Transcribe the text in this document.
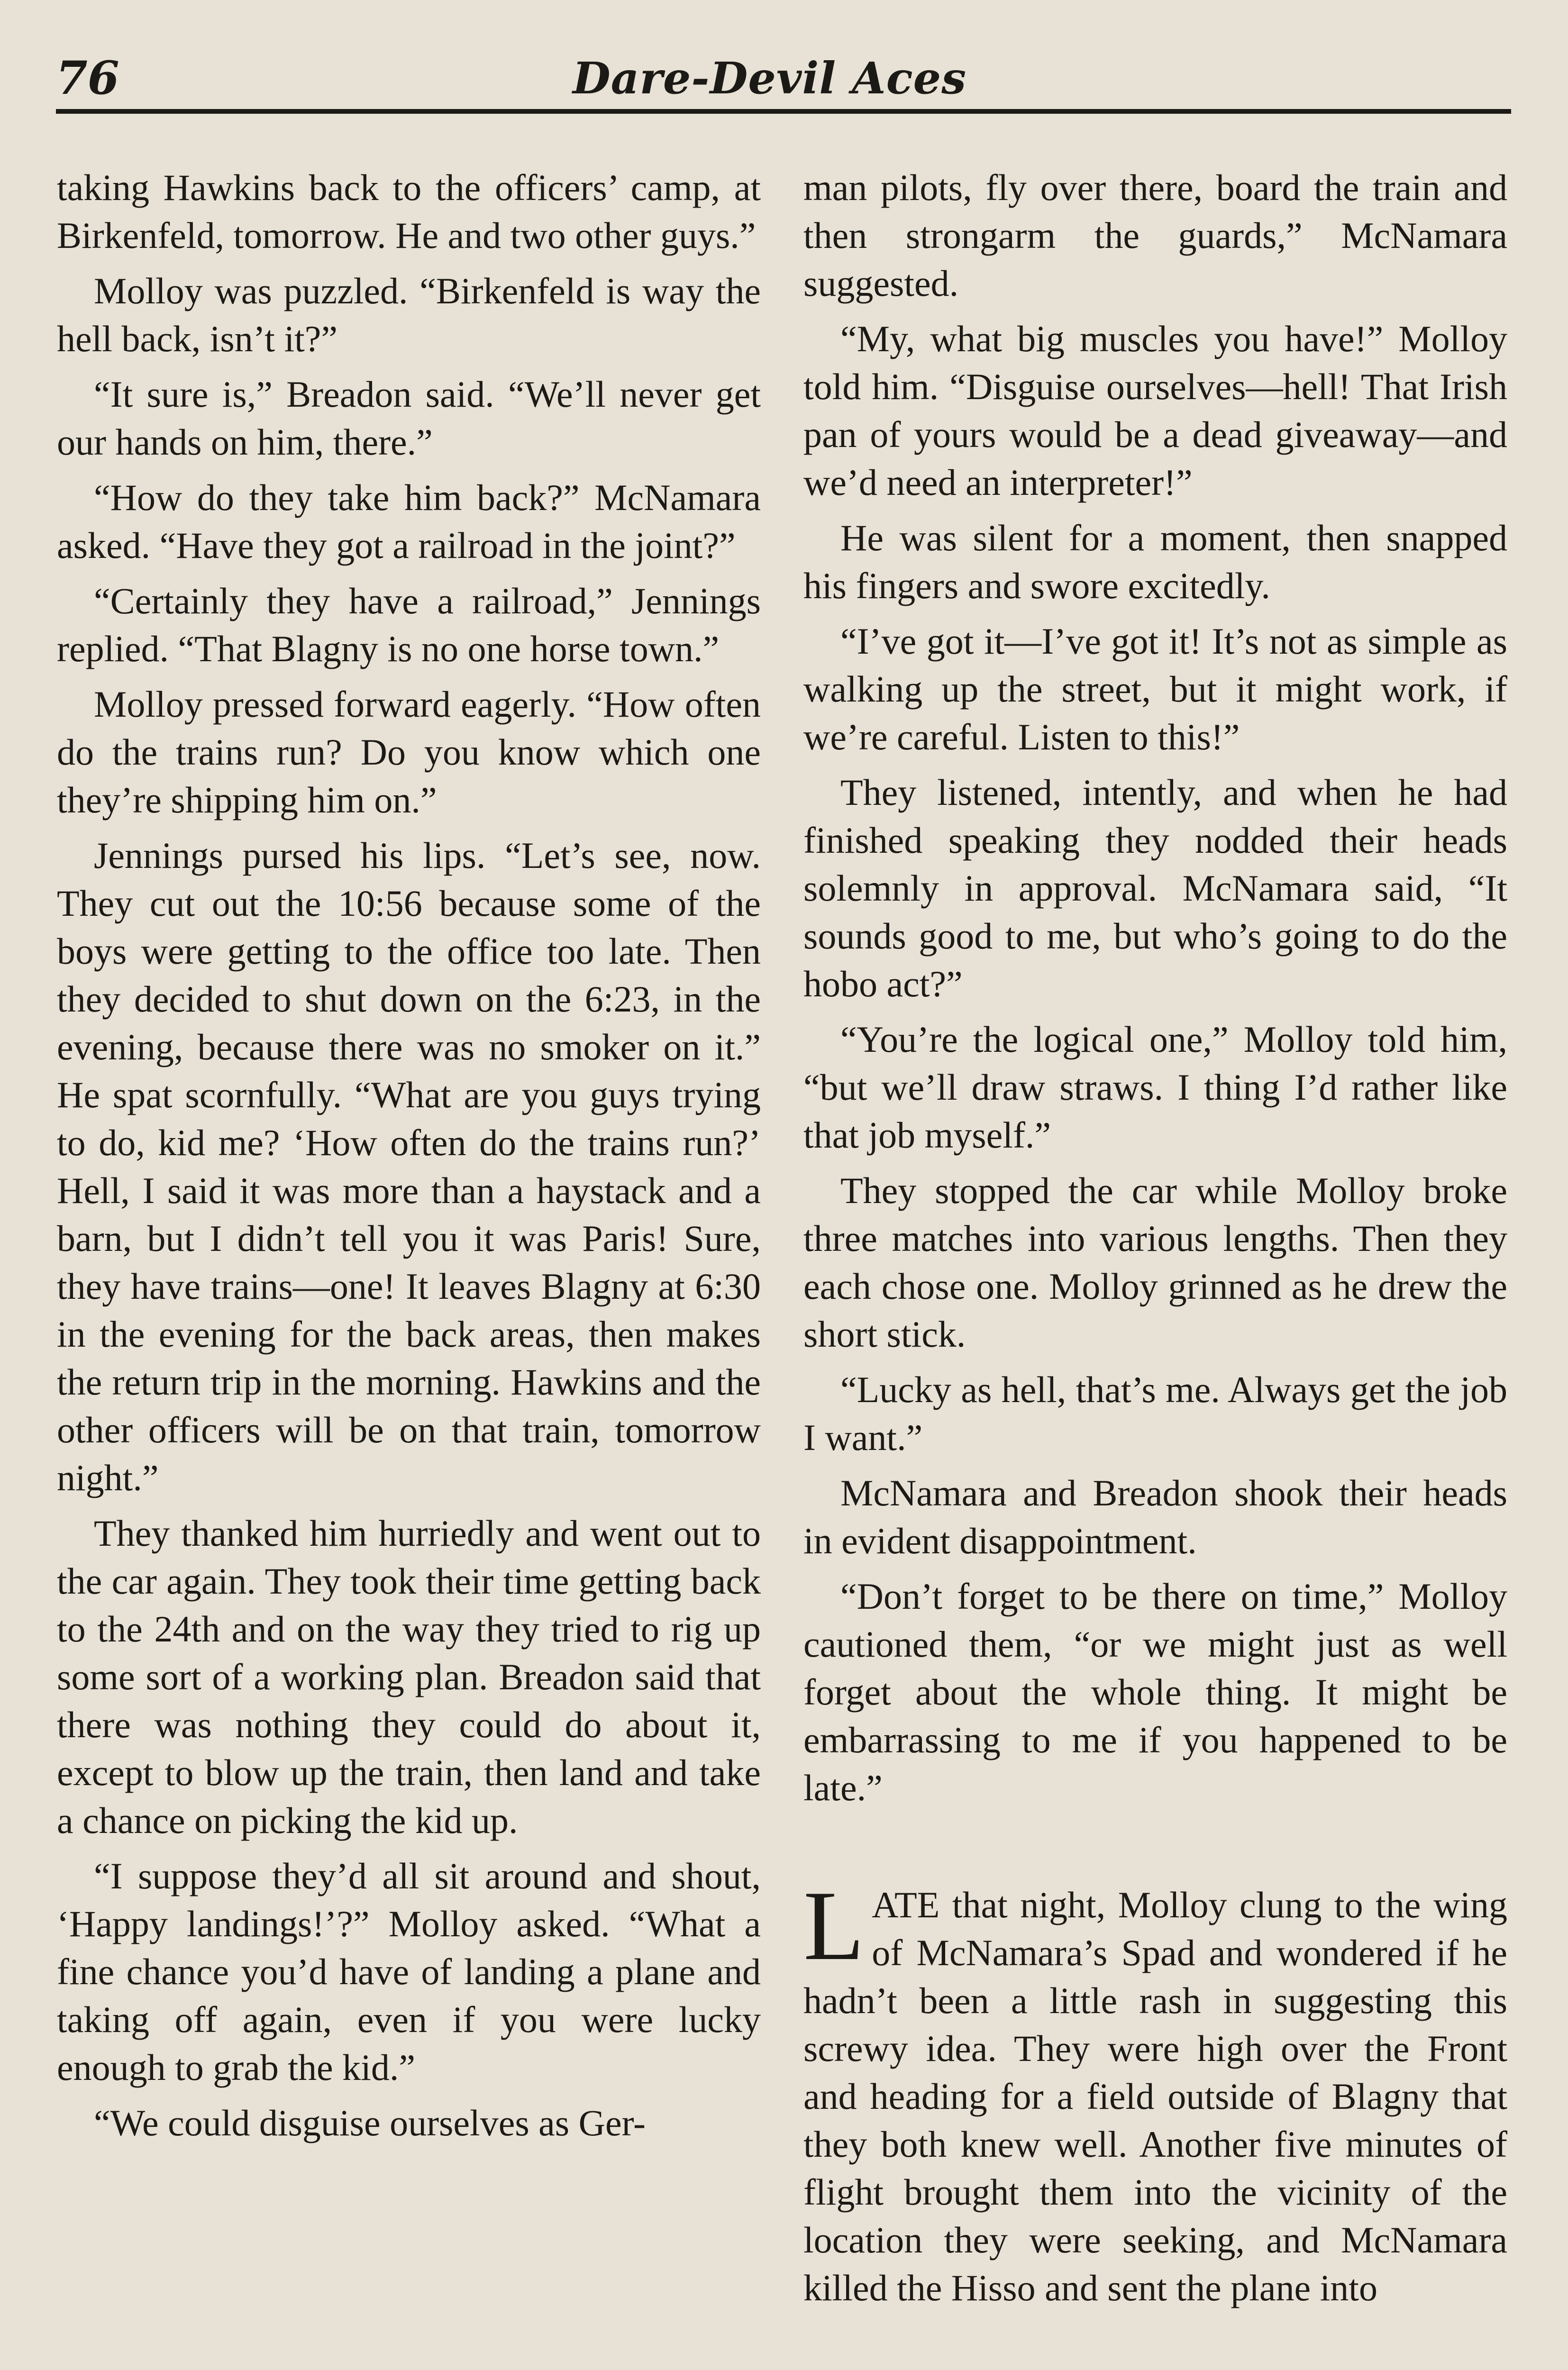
76	Dare-Devil Aces

taking Hawkins back to the officers’ camp, at Birkenfeld, tomorrow. He and two other guys.”

Molloy was puzzled. “Birkenfeld is way the hell back, isn’t it?”

“It sure is,” Breadon said. “We’ll never get our hands on him, there.”

“How do they take him back?” McNamara asked. “Have they got a railroad in the joint?”

“Certainly they have a railroad,” Jennings replied. “That Blagny is no one horse town.”

Molloy pressed forward eagerly. “How often do the trains run? Do you know which one they’re shipping him on.”

Jennings pursed his lips. “Let’s see, now. They cut out the 10:56 because some of the boys were getting to the office too late. Then they decided to shut down on the 6:23, in the evening, because there was no smoker on it.” He spat scornfully. “What are you guys trying to do, kid me? ‘How often do the trains run?’ Hell, I said it was more than a haystack and a barn, but I didn’t tell you it was Paris! Sure, they have trains—one! It leaves Blagny at 6:30 in the evening for the back areas, then makes the return trip in the morning. Hawkins and the other officers will be on that train, tomorrow night.”

They thanked him hurriedly and went out to the car again. They took their time getting back to the 24th and on the way they tried to rig up some sort of a working plan. Breadon said that there was nothing they could do about it, except to blow up the train, then land and take a chance on picking the kid up.

“I suppose they’d all sit around and shout, ‘Happy landings!’?” Molloy asked. “What a fine chance you’d have of landing a plane and taking off again, even if you were lucky enough to grab the kid.”

“We could disguise ourselves as Ger-

man pilots, fly over there, board the train and then strongarm the guards,” McNamara suggested.

“My, what big muscles you have!” Molloy told him. “Disguise ourselves—hell! That Irish pan of yours would be a dead giveaway—and we’d need an interpreter!”

He was silent for a moment, then snapped his fingers and swore excitedly.

“I’ve got it—I’ve got it! It’s not as simple as walking up the street, but it might work, if we’re careful. Listen to this!”

They listened, intently, and when he had finished speaking they nodded their heads solemnly in approval. McNamara said, “It sounds good to me, but who’s going to do the hobo act?”

“You’re the logical one,” Molloy told him, “but we’ll draw straws. I thing I’d rather like that job myself.”

They stopped the car while Molloy broke three matches into various lengths. Then they each chose one. Molloy grinned as he drew the short stick.

“Lucky as hell, that’s me. Always get the job I want.”

McNamara and Breadon shook their heads in evident disappointment.

“Don’t forget to be there on time,” Molloy cautioned them, “or we might just as well forget about the whole thing. It might be embarrassing to me if you happened to be late.”

LATE that night, Molloy clung to the wing of McNamara’s Spad and wondered if he hadn’t been a little rash in suggesting this screwy idea. They were high over the Front and heading for a field outside of Blagny that they both knew well. Another five minutes of flight brought them into the vicinity of the location they were seeking, and McNamara killed the Hisso and sent the plane into
